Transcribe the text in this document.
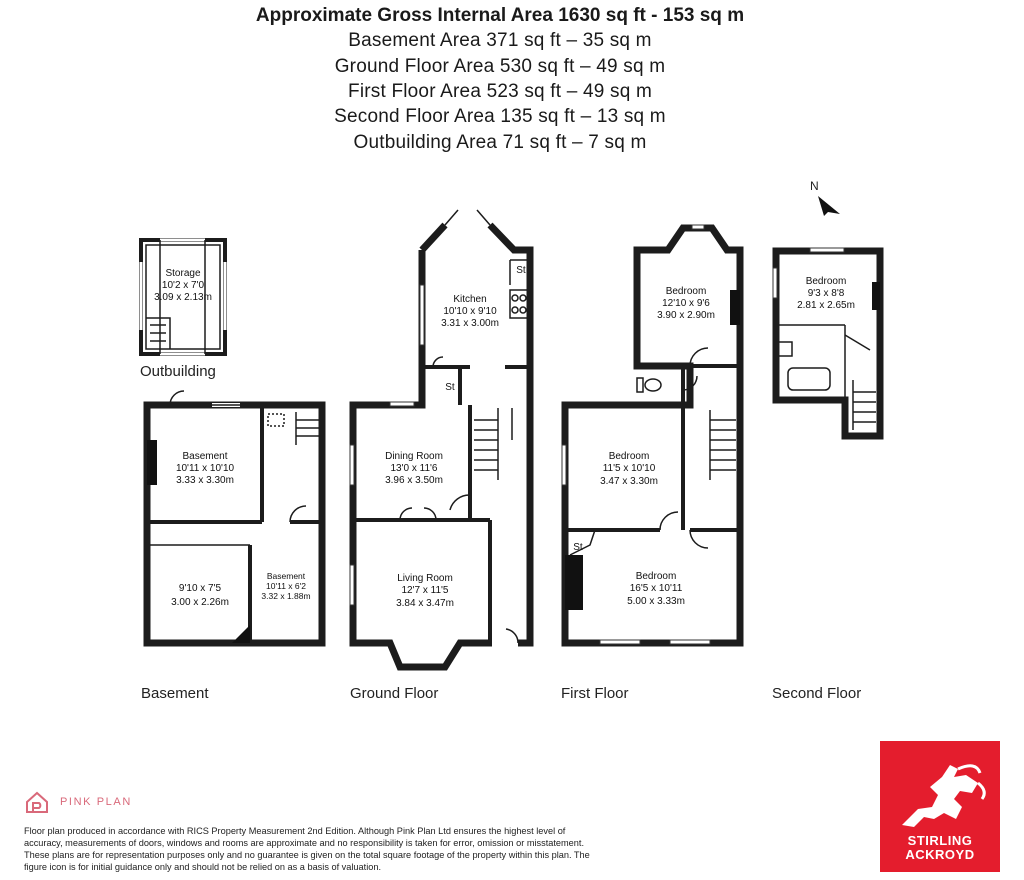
Approximate Gross Internal Area 1630 sq ft - 153 sq m
Basement Area 371 sq ft – 35 sq m
Ground Floor Area 530 sq ft – 49 sq m
First Floor Area 523 sq ft – 49 sq m
Second Floor Area 135 sq ft – 13 sq m
Outbuilding Area 71 sq ft – 7 sq m
N
Storage
10'2 x 7'0
3.09 x 2.13m
Outbuilding
Basement
10'11 x 10'10
3.33 x 3.30m
9'10 x 7'5
3.00 x 2.26m
Basement
10'11 x 6'2
3.32 x 1.88m
Basement
St
St
Kitchen
10'10 x 9'10
3.31 x 3.00m
Dining Room
13'0 x 11'6
3.96 x 3.50m
Living Room
12'7 x 11'5
3.84 x 3.47m
Ground Floor
St
Bedroom
12'10 x 9'6
3.90 x 2.90m
Bedroom
11'5 x 10'10
3.47 x 3.30m
Bedroom
16'5 x 10'11
5.00 x 3.33m
First Floor
Bedroom
9'3 x 8'8
2.81 x 2.65m
Second Floor
PINK PLAN
Floor plan produced in accordance with RICS Property Measurement 2nd Edition. Although Pink Plan Ltd ensures the highest level of accuracy, measurements of doors, windows and rooms are approximate and no responsibility is taken for error, omission or misstatement. These plans are for representation purposes only and no guarantee is given on the total square footage of the property within this plan. The figure icon is for initial guidance only and should not be relied on as a basis of valuation.
STIRLING
ACKROYD
